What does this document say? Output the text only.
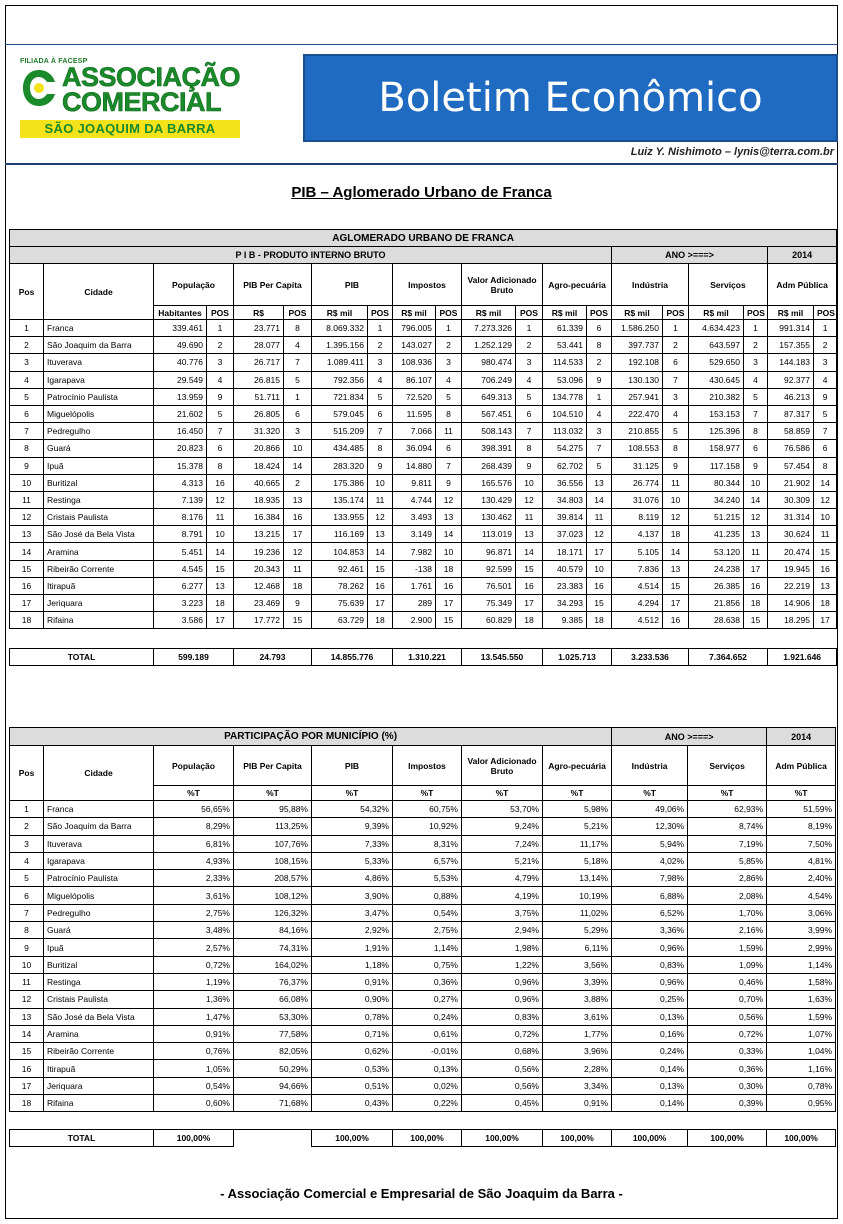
FILIADA À FACESP
ASSOCIAÇÃO
COMERCIAL
SÃO JOAQUIM DA BARRA
Boletim Econômico
Luiz Y. Nishimoto – lynis@terra.com.br
PIB – Aglomerado Urbano de Franca
AGLOMERADO URBANO DE FRANCA																			
P I B - PRODUTO INTERNO BRUTO														ANO >===>				2014	
Pos	Cidade	População		PIB Per Capita		PIB		Impostos		Valor Adicionado Bruto		Agro-pecuária		Indústria		Serviços		Adm Pública	
		Habitantes	POS	R$	POS	R$ mil	POS	R$ mil	POS	R$ mil	POS	R$ mil	POS	R$ mil	POS	R$ mil	POS	R$ mil	POS
1	Franca	339.461	1	23.771	8	8.069.332	1	796.005	1	7.273.326	1	61.339	6	1.586.250	1	4.634.423	1	991.314	1
2	São Joaquim da Barra	49.690	2	28.077	4	1.395.156	2	143.027	2	1.252.129	2	53.441	8	397.737	2	643.597	2	157.355	2
3	Ituverava	40.776	3	26.717	7	1.089.411	3	108.936	3	980.474	3	114.533	2	192.108	6	529.650	3	144.183	3
4	Igarapava	29.549	4	26.815	5	792.356	4	86.107	4	706.249	4	53.096	9	130.130	7	430.645	4	92.377	4
5	Patrocínio Paulista	13.959	9	51.711	1	721.834	5	72.520	5	649.313	5	134.778	1	257.941	3	210.382	5	46.213	9
6	Miguelópolis	21.602	5	26.805	6	579.045	6	11.595	8	567.451	6	104.510	4	222.470	4	153.153	7	87.317	5
7	Pedregulho	16.450	7	31.320	3	515.209	7	7.066	11	508.143	7	113.032	3	210.855	5	125.396	8	58.859	7
8	Guará	20.823	6	20.866	10	434.485	8	36.094	6	398.391	8	54.275	7	108.553	8	158.977	6	76.586	6
9	Ipuã	15.378	8	18.424	14	283.320	9	14.880	7	268.439	9	62.702	5	31.125	9	117.158	9	57.454	8
10	Buritizal	4.313	16	40.665	2	175.386	10	9.811	9	165.576	10	36.556	13	26.774	11	80.344	10	21.902	14
11	Restinga	7.139	12	18.935	13	135.174	11	4.744	12	130.429	12	34.803	14	31.076	10	34.240	14	30.309	12
12	Cristais Paulista	8.176	11	16.384	16	133.955	12	3.493	13	130.462	11	39.814	11	8.119	12	51.215	12	31.314	10
13	São José da Bela Vista	8.791	10	13.215	17	116.169	13	3.149	14	113.019	13	37.023	12	4.137	18	41.235	13	30.624	11
14	Aramina	5.451	14	19.236	12	104.853	14	7.982	10	96.871	14	18.171	17	5.105	14	53.120	11	20.474	15
15	Ribeirão Corrente	4.545	15	20.343	11	92.461	15	-138	18	92.599	15	40.579	10	7.836	13	24.238	17	19.945	16
16	Itirapuã	6.277	13	12.468	18	78.262	16	1.761	16	76.501	16	23.383	16	4.514	15	26.385	16	22.219	13
17	Jeriquara	3.223	18	23.469	9	75.639	17	289	17	75.349	17	34.293	15	4.294	17	21.856	18	14.906	18
18	Rifaina	3.586	17	17.772	15	63.729	18	2.900	15	60.829	18	9.385	18	4.512	16	28.638	15	18.295	17

TOTAL		599.189		24.793		14.855.776		1.310.221		13.545.550		1.025.713		3.233.536		7.364.652		1.921.646	
PARTICIPAÇÃO POR MUNICÍPIO (%)								ANO >===>		2014
Pos	Cidade	População	PIB Per Capita	PIB	Impostos	Valor Adicionado Bruto	Agro-pecuária	Indústria	Serviços	Adm Pública
		%T	%T	%T	%T	%T	%T	%T	%T	%T
1	Franca	56,65%	95,88%	54,32%	60,75%	53,70%	5,98%	49,06%	62,93%	51,59%
2	São Joaquim da Barra	8,29%	113,25%	9,39%	10,92%	9,24%	5,21%	12,30%	8,74%	8,19%
3	Ituverava	6,81%	107,76%	7,33%	8,31%	7,24%	11,17%	5,94%	7,19%	7,50%
4	Igarapava	4,93%	108,15%	5,33%	6,57%	5,21%	5,18%	4,02%	5,85%	4,81%
5	Patrocínio Paulista	2,33%	208,57%	4,86%	5,53%	4,79%	13,14%	7,98%	2,86%	2,40%
6	Miguelópolis	3,61%	108,12%	3,90%	0,88%	4,19%	10,19%	6,88%	2,08%	4,54%
7	Pedregulho	2,75%	126,32%	3,47%	0,54%	3,75%	11,02%	6,52%	1,70%	3,06%
8	Guará	3,48%	84,16%	2,92%	2,75%	2,94%	5,29%	3,36%	2,16%	3,99%
9	Ipuã	2,57%	74,31%	1,91%	1,14%	1,98%	6,11%	0,96%	1,59%	2,99%
10	Buritizal	0,72%	164,02%	1,18%	0,75%	1,22%	3,56%	0,83%	1,09%	1,14%
11	Restinga	1,19%	76,37%	0,91%	0,36%	0,96%	3,39%	0,96%	0,46%	1,58%
12	Cristais Paulista	1,36%	66,08%	0,90%	0,27%	0,96%	3,88%	0,25%	0,70%	1,63%
13	São José da Bela Vista	1,47%	53,30%	0,78%	0,24%	0,83%	3,61%	0,13%	0,56%	1,59%
14	Aramina	0,91%	77,58%	0,71%	0,61%	0,72%	1,77%	0,16%	0,72%	1,07%
15	Ribeirão Corrente	0,76%	82,05%	0,62%	-0,01%	0,68%	3,96%	0,24%	0,33%	1,04%
16	Itirapuã	1,05%	50,29%	0,53%	0,13%	0,56%	2,28%	0,14%	0,36%	1,16%
17	Jeriquara	0,54%	94,66%	0,51%	0,02%	0,56%	3,34%	0,13%	0,30%	0,78%
18	Rifaina	0,60%	71,68%	0,43%	0,22%	0,45%	0,91%	0,14%	0,39%	0,95%

TOTAL		100,00%		100,00%	100,00%	100,00%	100,00%	100,00%	100,00%	100,00%
- Associação Comercial e Empresarial de São Joaquim da Barra -
